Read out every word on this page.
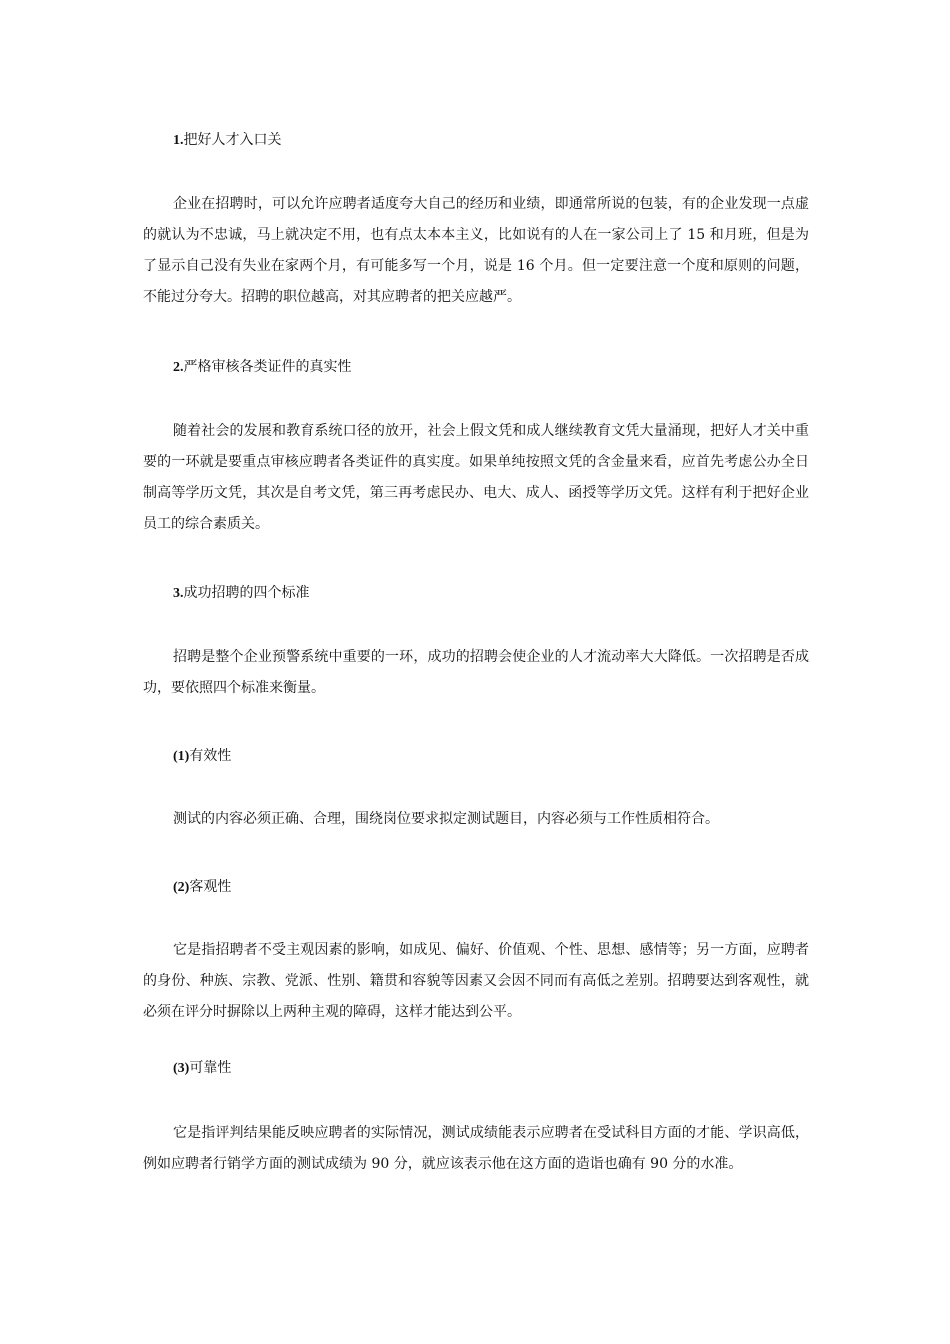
1.把好人才入口关

企业在招聘时，可以允许应聘者适度夸大自己的经历和业绩，即通常所说的包装，有的企业发现一点虚的就认为不忠诚，马上就决定不用，也有点太本本主义，比如说有的人在一家公司上了 15 和月班，但是为了显示自己没有失业在家两个月，有可能多写一个月，说是 16 个月。但一定要注意一个度和原则的问题，不能过分夸大。招聘的职位越高，对其应聘者的把关应越严。

2.严格审核各类证件的真实性

随着社会的发展和教育系统口径的放开，社会上假文凭和成人继续教育文凭大量涌现，把好人才关中重要的一环就是要重点审核应聘者各类证件的真实度。如果单纯按照文凭的含金量来看，应首先考虑公办全日制高等学历文凭，其次是自考文凭，第三再考虑民办、电大、成人、函授等学历文凭。这样有利于把好企业员工的综合素质关。

3.成功招聘的四个标准

招聘是整个企业预警系统中重要的一环，成功的招聘会使企业的人才流动率大大降低。一次招聘是否成功，要依照四个标准来衡量。

(1)有效性

测试的内容必须正确、合理，围绕岗位要求拟定测试题目，内容必须与工作性质相符合。

(2)客观性

它是指招聘者不受主观因素的影响，如成见、偏好、价值观、个性、思想、感情等；另一方面，应聘者的身份、种族、宗教、党派、性别、籍贯和容貌等因素又会因不同而有高低之差别。招聘要达到客观性，就必须在评分时摒除以上两种主观的障碍，这样才能达到公平。

(3)可靠性

它是指评判结果能反映应聘者的实际情况，测试成绩能表示应聘者在受试科目方面的才能、学识高低，例如应聘者行销学方面的测试成绩为 90 分，就应该表示他在这方面的造诣也确有 90 分的水准。
